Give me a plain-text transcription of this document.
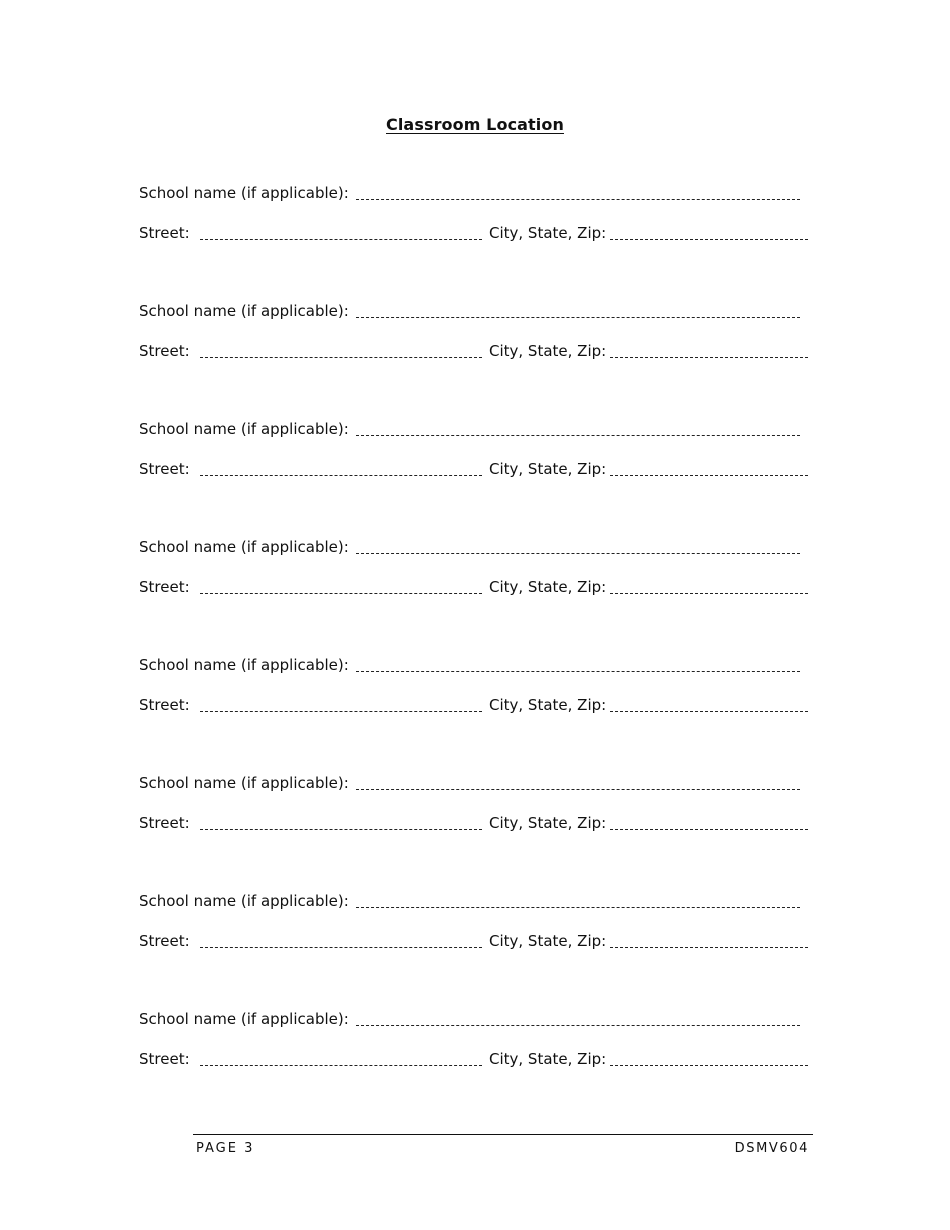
Classroom Location
School name (if applicable):
Street:	City, State, Zip:
School name (if applicable):
Street:	City, State, Zip:
School name (if applicable):
Street:	City, State, Zip:
School name (if applicable):
Street:	City, State, Zip:
School name (if applicable):
Street:	City, State, Zip:
School name (if applicable):
Street:	City, State, Zip:
School name (if applicable):
Street:	City, State, Zip:
School name (if applicable):
Street:	City, State, Zip:
PAGE 3	DSMV604
